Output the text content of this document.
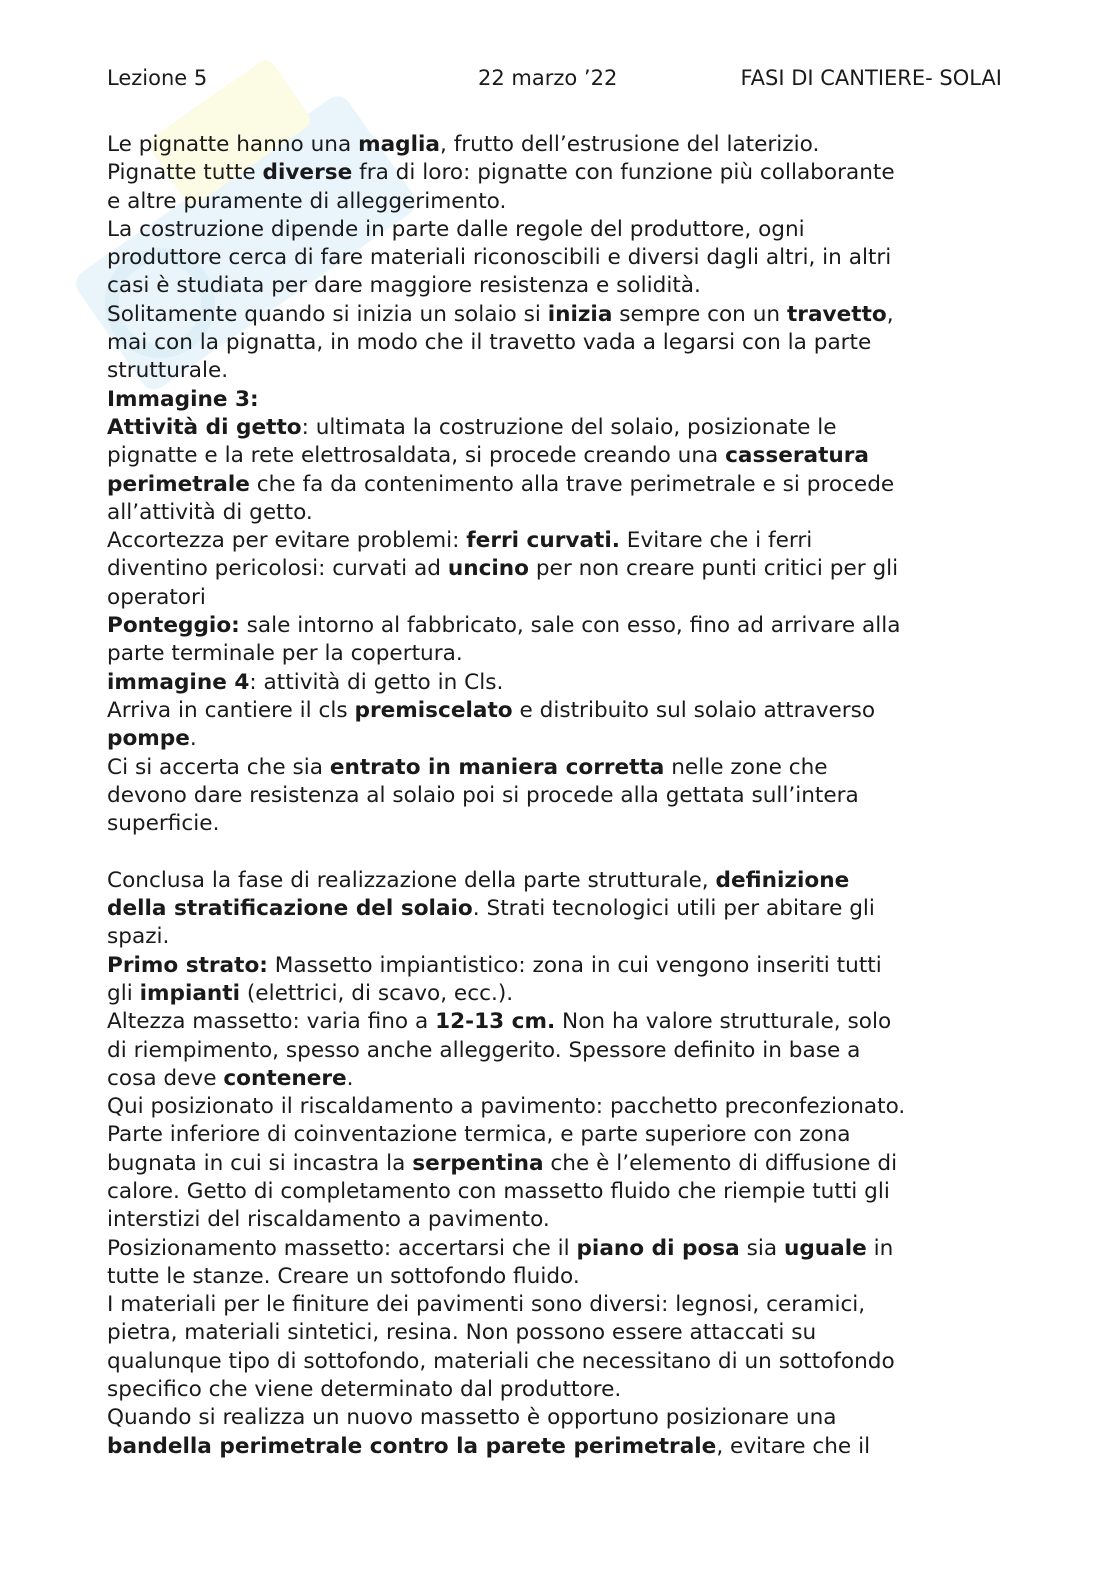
Lezione 5	22 marzo ’22	FASI DI CANTIERE- SOLAI

Le pignatte hanno una maglia, frutto dell’estrusione del laterizio.

Pignatte tutte diverse fra di loro: pignatte con funzione più collaborante

e altre puramente di alleggerimento.

La costruzione dipende in parte dalle regole del produttore, ogni

produttore cerca di fare materiali riconoscibili e diversi dagli altri, in altri

casi è studiata per dare maggiore resistenza e solidità.

Solitamente quando si inizia un solaio si inizia sempre con un travetto,

mai con la pignatta, in modo che il travetto vada a legarsi con la parte

strutturale.

Immagine 3:

Attività di getto: ultimata la costruzione del solaio, posizionate le

pignatte e la rete elettrosaldata, si procede creando una casseratura

perimetrale che fa da contenimento alla trave perimetrale e si procede

all’attività di getto.

Accortezza per evitare problemi: ferri curvati. Evitare che i ferri

diventino pericolosi: curvati ad uncino per non creare punti critici per gli

operatori

Ponteggio: sale intorno al fabbricato, sale con esso, fino ad arrivare alla

parte terminale per la copertura.

immagine 4: attività di getto in Cls.

Arriva in cantiere il cls premiscelato e distribuito sul solaio attraverso

pompe.

Ci si accerta che sia entrato in maniera corretta nelle zone che

devono dare resistenza al solaio poi si procede alla gettata sull’intera

superficie.

Conclusa la fase di realizzazione della parte strutturale, definizione

della stratificazione del solaio. Strati tecnologici utili per abitare gli

spazi.

Primo strato: Massetto impiantistico: zona in cui vengono inseriti tutti

gli impianti (elettrici, di scavo, ecc.).

Altezza massetto: varia fino a 12-13 cm. Non ha valore strutturale, solo

di riempimento, spesso anche alleggerito. Spessore definito in base a

cosa deve contenere.

Qui posizionato il riscaldamento a pavimento: pacchetto preconfezionato.

Parte inferiore di coinventazione termica, e parte superiore con zona

bugnata in cui si incastra la serpentina che è l’elemento di diffusione di

calore. Getto di completamento con massetto fluido che riempie tutti gli

interstizi del riscaldamento a pavimento.

Posizionamento massetto: accertarsi che il piano di posa sia uguale in

tutte le stanze. Creare un sottofondo fluido.

I materiali per le finiture dei pavimenti sono diversi: legnosi, ceramici,

pietra, materiali sintetici, resina. Non possono essere attaccati su

qualunque tipo di sottofondo, materiali che necessitano di un sottofondo

specifico che viene determinato dal produttore.

Quando si realizza un nuovo massetto è opportuno posizionare una

bandella perimetrale contro la parete perimetrale, evitare che il
